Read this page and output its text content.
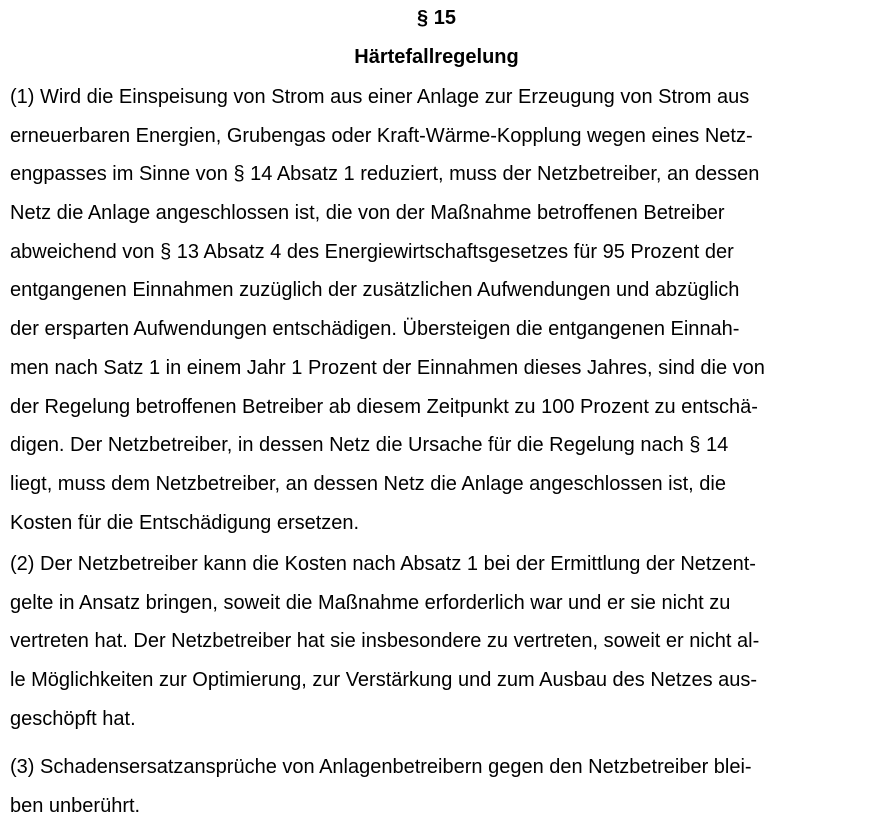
§ 15
Härtefallregelung
(1) Wird die Einspeisung von Strom aus einer Anlage zur Erzeugung von Strom aus
erneuerbaren Energien, Grubengas oder Kraft-Wärme-Kopplung wegen eines Netz-
engpasses im Sinne von § 14 Absatz 1 reduziert, muss der Netzbetreiber, an dessen
Netz die Anlage angeschlossen ist, die von der Maßnahme betroffenen Betreiber
abweichend von § 13 Absatz 4 des Energiewirtschaftsgesetzes für 95 Prozent der
entgangenen Einnahmen zuzüglich der zusätzlichen Aufwendungen und abzüglich
der ersparten Aufwendungen entschädigen. Übersteigen die entgangenen Einnah-
men nach Satz 1 in einem Jahr 1 Prozent der Einnahmen dieses Jahres, sind die von
der Regelung betroffenen Betreiber ab diesem Zeitpunkt zu 100 Prozent zu entschä-
digen. Der Netzbetreiber, in dessen Netz die Ursache für die Regelung nach § 14
liegt, muss dem Netzbetreiber, an dessen Netz die Anlage angeschlossen ist, die
Kosten für die Entschädigung ersetzen.
(2) Der Netzbetreiber kann die Kosten nach Absatz 1 bei der Ermittlung der Netzent-
gelte in Ansatz bringen, soweit die Maßnahme erforderlich war und er sie nicht zu
vertreten hat. Der Netzbetreiber hat sie insbesondere zu vertreten, soweit er nicht al-
le Möglichkeiten zur Optimierung, zur Verstärkung und zum Ausbau des Netzes aus-
geschöpft hat.
(3) Schadensersatzansprüche von Anlagenbetreibern gegen den Netzbetreiber blei-
ben unberührt.
